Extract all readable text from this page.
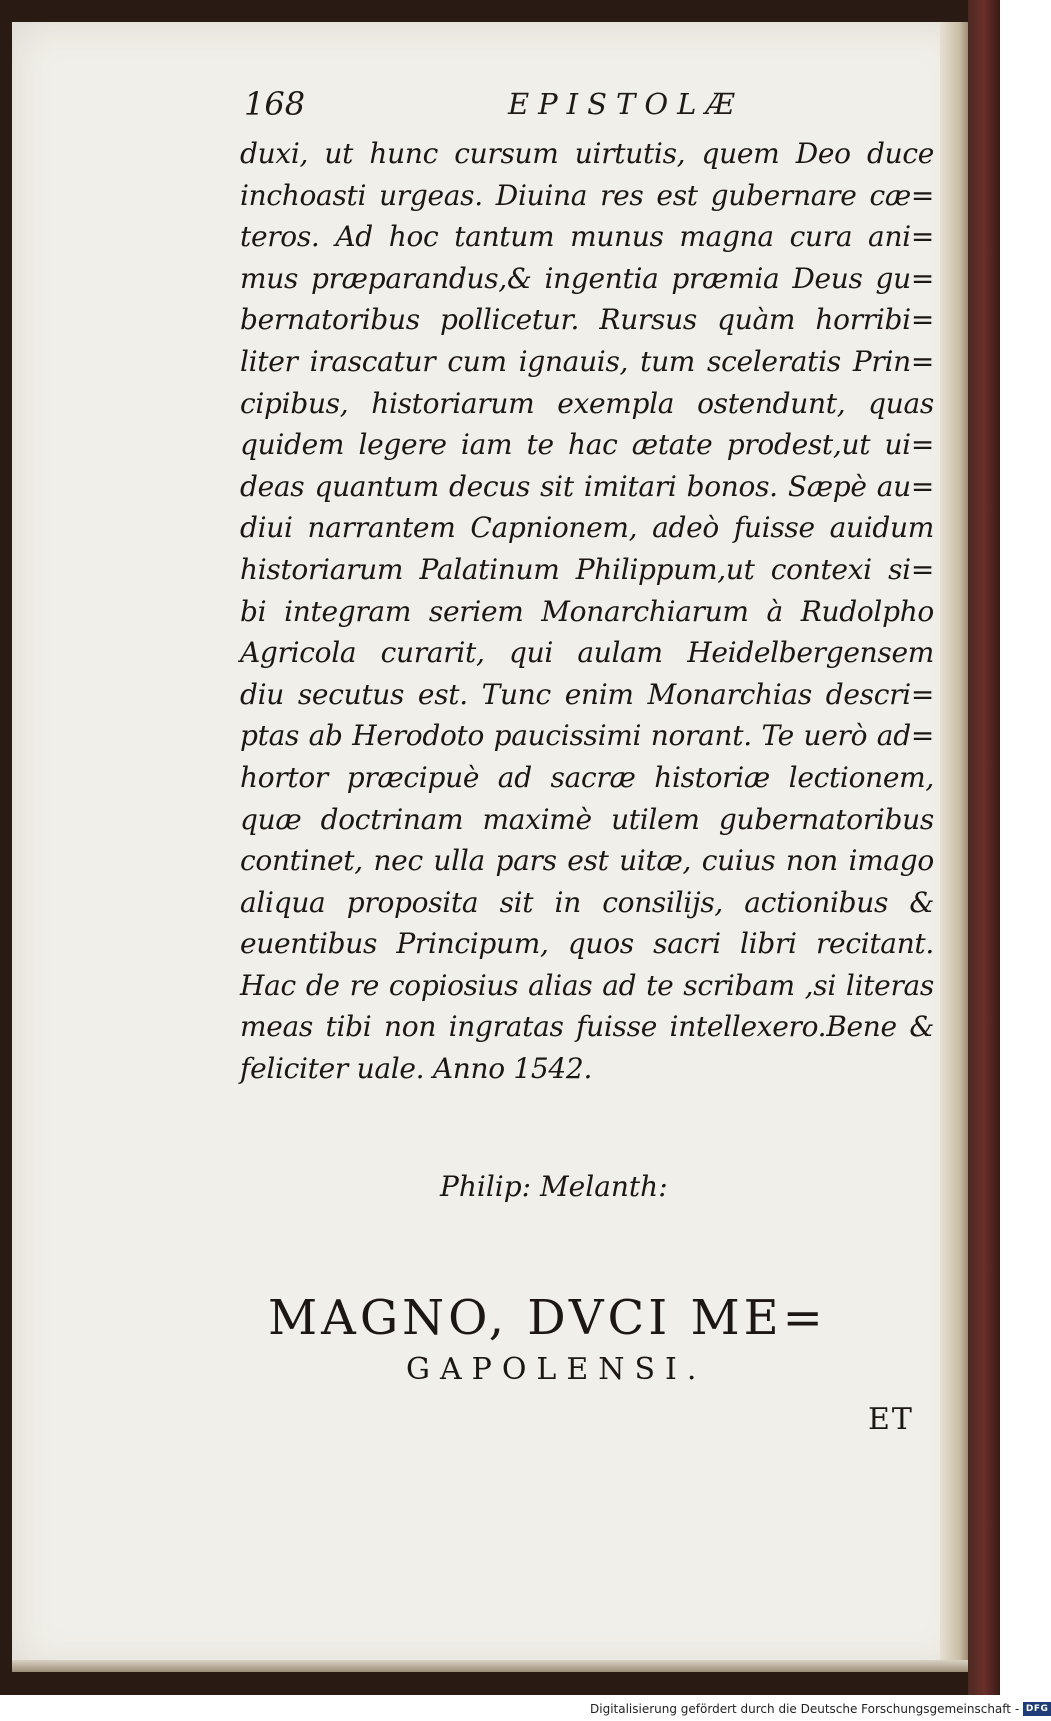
168	EPISTOLÆ
duxi, ut hunc cursum uirtutis, quem Deo duce
inchoasti urgeas. Diuina res est gubernare cæ=
teros. Ad hoc tantum munus magna cura ani=
mus præparandus,& ingentia præmia Deus gu=
bernatoribus pollicetur. Rursus quàm horribi=
liter irascatur cum ignauis, tum sceleratis Prin=
cipibus, historiarum exempla ostendunt, quas
quidem legere iam te hac ætate prodest,ut ui=
deas quantum decus sit imitari bonos. Sæpè au=
diui narrantem Capnionem, adeò fuisse auidum
historiarum Palatinum Philippum,ut contexi si=
bi integram seriem Monarchiarum à Rudolpho
Agricola curarit, qui aulam Heidelbergensem
diu secutus est. Tunc enim Monarchias descri=
ptas ab Herodoto paucissimi norant. Te uerò ad=
hortor præcipuè ad sacræ historiæ lectionem,
quæ doctrinam maximè utilem gubernatoribus
continet, nec ulla pars est uitæ, cuius non imago
aliqua proposita sit in consilijs, actionibus &
euentibus Principum, quos sacri libri recitant.
Hac de re copiosius alias ad te scribam ,si literas
meas tibi non ingratas fuisse intellexero.Bene &
feliciter uale. Anno 1542.
Philip: Melanth:
MAGNO, DVCI ME=
GAPOLENSI.
ET
Digitalisierung gefördert durch die Deutsche Forschungsgemeinschaft - DFG
